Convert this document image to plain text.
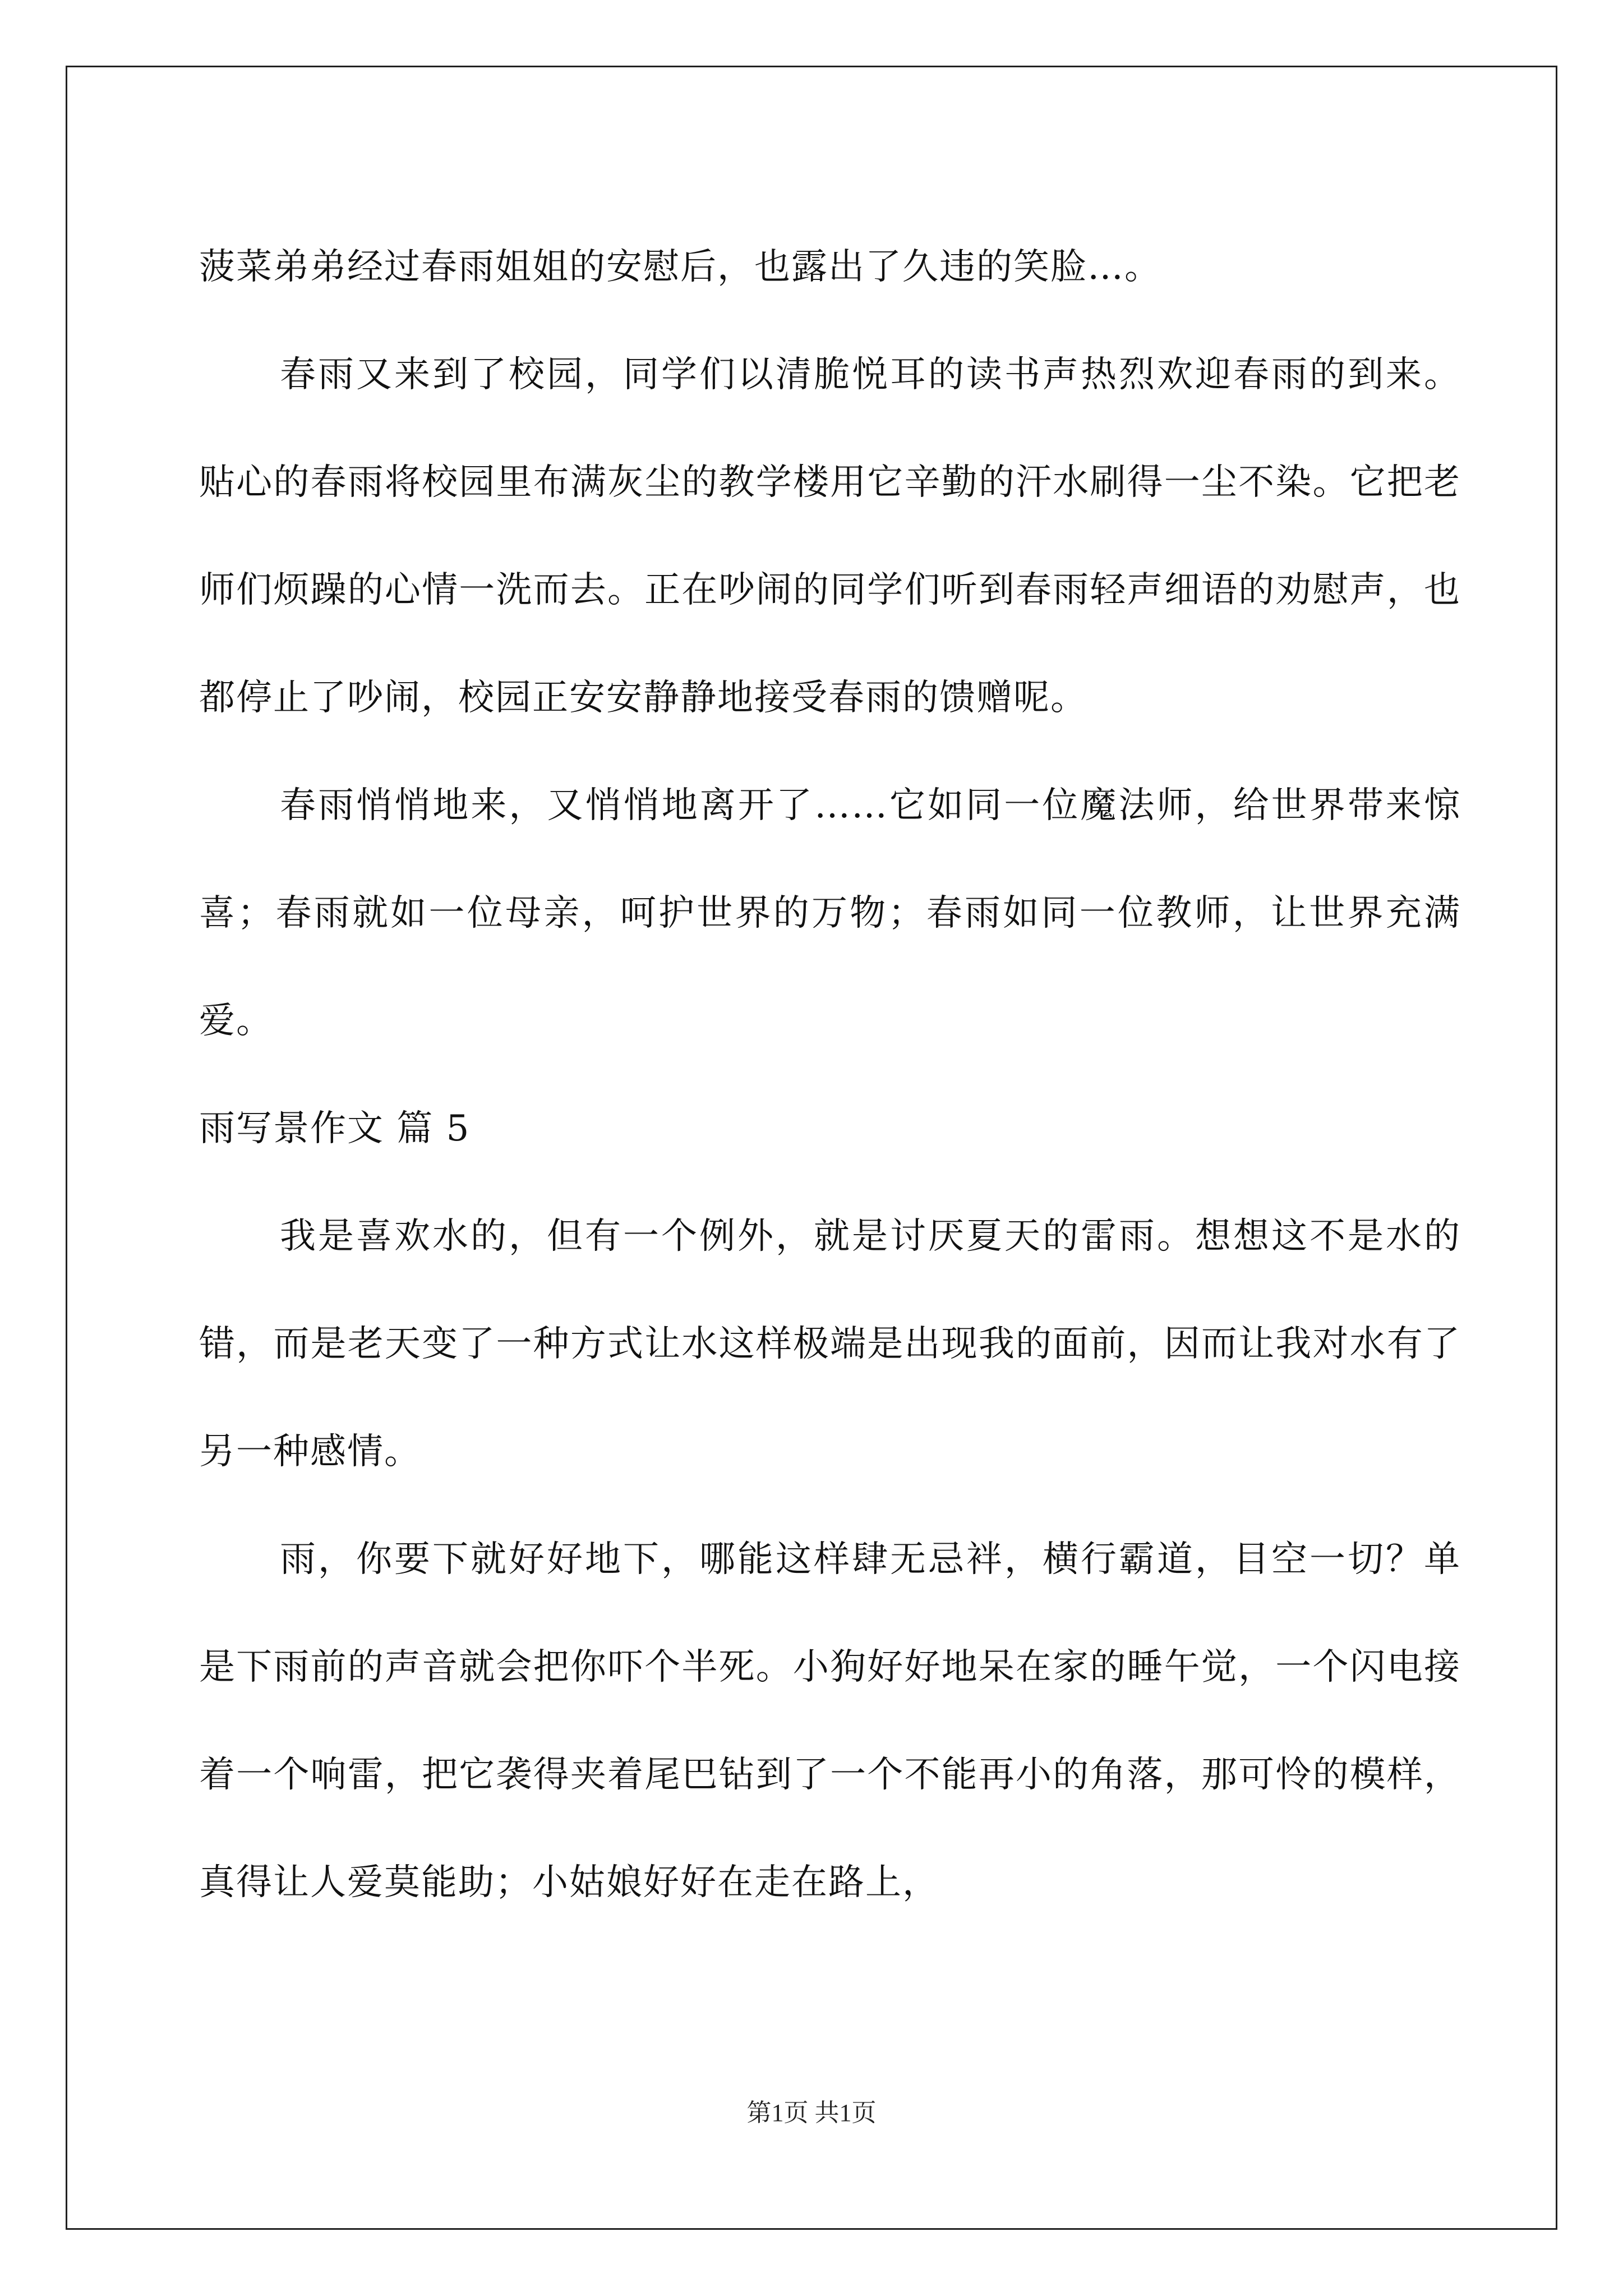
菠菜弟弟经过春雨姐姐的安慰后，也露出了久违的笑脸…。

春雨又来到了校园，同学们以清脆悦耳的读书声热烈欢迎春雨的到来。贴心的春雨将校园里布满灰尘的教学楼用它辛勤的汗水刷得一尘不染。它把老师们烦躁的心情一洗而去。正在吵闹的同学们听到春雨轻声细语的劝慰声，也都停止了吵闹，校园正安安静静地接受春雨的馈赠呢。

春雨悄悄地来，又悄悄地离开了……它如同一位魔法师，给世界带来惊喜；春雨就如一位母亲，呵护世界的万物；春雨如同一位教师，让世界充满爱。

雨写景作文 篇 5

我是喜欢水的，但有一个例外，就是讨厌夏天的雷雨。想想这不是水的错，而是老天变了一种方式让水这样极端是出现我的面前，因而让我对水有了另一种感情。

雨，你要下就好好地下，哪能这样肆无忌袢，横行霸道，目空一切？单是下雨前的声音就会把你吓个半死。小狗好好地呆在家的睡午觉，一个闪电接着一个响雷，把它袭得夹着尾巴钻到了一个不能再小的角落，那可怜的模样，真得让人爱莫能助；小姑娘好好在走在路上，

第1页 共1页
